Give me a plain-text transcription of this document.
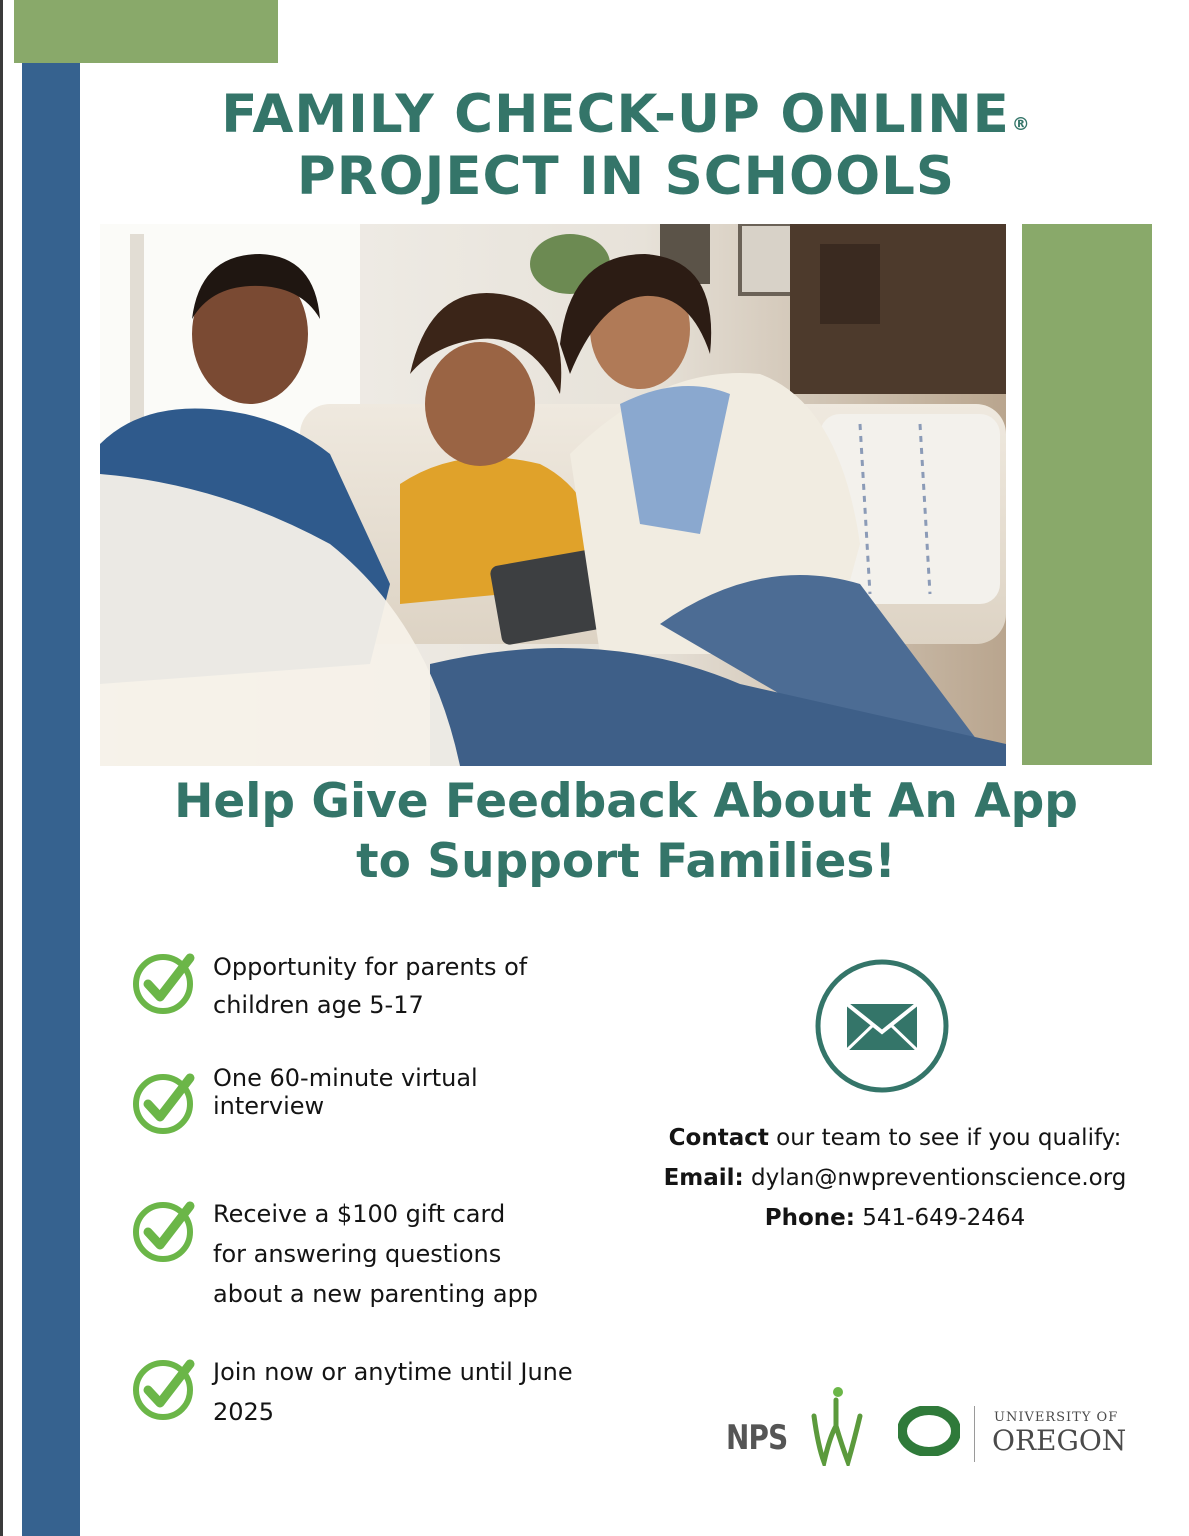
FAMILY CHECK-UP ONLINE ®
PROJECT IN SCHOOLS
Help Give Feedback About An App
to Support Families!
Opportunity for parents of
children age 5-17
One 60-minute virtual
interview
Receive a $100 gift card
for answering questions
about a new parenting app
Join now or anytime until June
2025
Contact our team to see if you qualify:
Email: dylan@nwpreventionscience.org
Phone: 541-649-2464
NPS
UNIVERSITY OF
OREGON
